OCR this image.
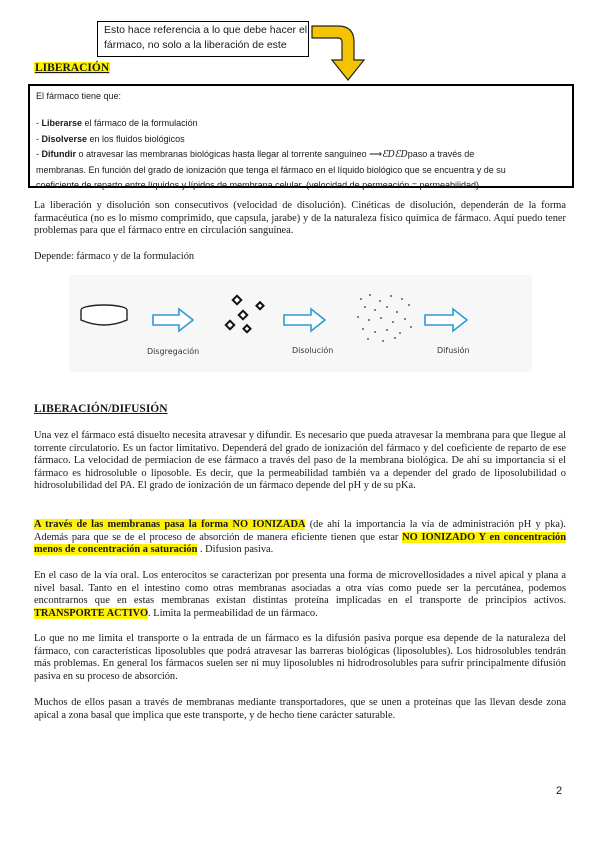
Esto hace referencia a lo que debe hacer el
fármaco, no solo a la liberación de este
LIBERACIÓN

El fármaco tiene que:

- Liberarse el fármaco de la formulación

- Disolverse en los fluidos biológicos

- Difundir o atravesar las membranas biológicas hasta llegar al torrente sanguíneo ⟶ƐDƐDpaso a través de

membranas. En función del grado de ionización que tenga el fármaco en el líquido biológico que se encuentra y de su

coeficiente de reparto entre líquidos y lípidos de membrana celular. (velocidad de permeación = permeabilidad)

La liberación y disolución son consecutivos (velocidad de disolución). Cinéticas de disolución, dependerán de la forma farmacéutica (no es lo mismo comprimido, que capsula, jarabe) y de la naturaleza físico química de fármaco. Aquí puedo tener problemas para que el fármaco entre en circulación sanguínea.

Depende: fármaco y de la formulación

Disgregación	Disolución	Difusión
LIBERACIÓN/DIFUSIÓN

Una vez el fármaco está disuelto necesita atravesar y difundir. Es necesario que pueda atravesar la membrana para que llegue al torrente circulatorio. Es un factor limitativo. Dependerá del grado de ionización del fármaco y del coeficiente de reparto de ese fármaco. La velocidad de permiacion de ese fármaco a través del paso de la membrana biológica. De ahí su importancia si el fármaco es hidrosoluble o liposoble. Es decir, que la permeabilidad también va a depender del grado de liposolubilidad o hidrosolubilidad del PA. El grado de ionización de un fármaco depende del pH y de su pKa.

A través de las membranas pasa la forma NO IONIZADA (de ahí la importancia la vía de administración pH y pka). Además para que se de el proceso de absorción de manera eficiente tienen que estar NO IONIZADO Y en concentración menos de concentración a saturación . Difusion pasiva.

En el caso de la vía oral. Los enterocitos se caracterizan por presenta una forma de microvellosidades a nivel apical y plana a nivel basal. Tanto en el intestino como otras membranas asociadas a otra vías como puede ser la percutánea, podemos encontrarnos que en estas membranas existan distintas proteína implicadas en el transporte de principios activos. TRANSPORTE ACTIVO. Limita la permeabilidad de un fármaco.

Lo que no me limita el transporte o la entrada de un fármaco es la difusión pasiva porque esa depende de la naturaleza del fármaco, con características liposolubles que podrá atravesar las barreras biológicas (liposolubles). Los hidrosolubles tendrán más problemas. En general los fármacos suelen ser ni muy liposolubles ni hidrodrosolubles para sufrir principalmente difusión pasiva en su proceso de absorción.

Muchos de ellos pasan a través de membranas mediante transportadores, que se unen a proteínas que las llevan desde zona apical a zona basal que implica que este transporte, y de hecho tiene carácter saturable.

2
